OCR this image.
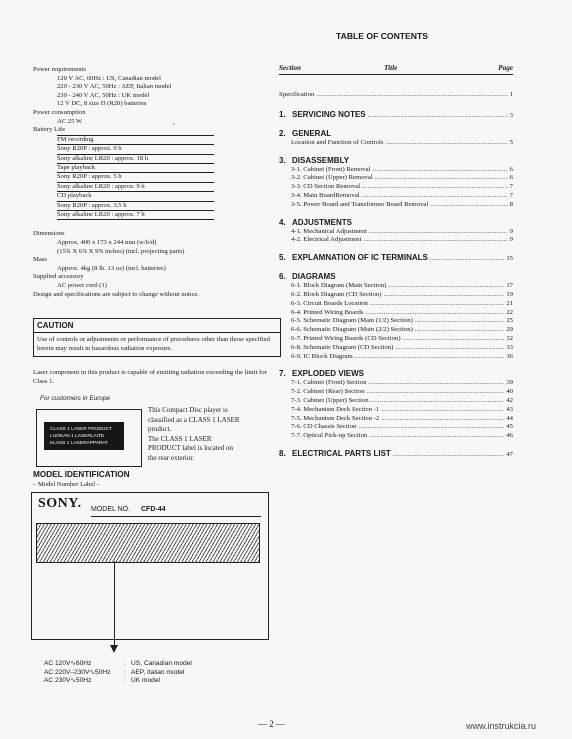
TABLE OF CONTENTS
Power requirements
120 V AC, 60Hz : US, Canadian model
220 - 230 V AC, 50Hz : AEP, Italian model
230 - 240 V AC, 50Hz : UK model
12 V DC, 8 size D (R20) batteries
Power consumption
AC 25 W
Battery Life
FM recording
Sony R20P : approx. 9 h
Sony alkaline LR20 : approx. 18 h
Tape playback
Sony R20P : approx. 5 h
Sony alkaline LR20 : approx. 9 h
CD playback
Sony R20P : approx. 3.5 h
Sony alkaline LR20 : approx. 7 h
Dimensions
Approx. 400 x 173 x 244 mm (w/h/d)
(15¾ X 6⅞ X 9⅝ inches) (incl. projecting parts)
Mass
Approx. 4kg (8 lb. 13 oz) (incl. batteries)
Supplied accessory
AC power cord (1)
Design and specifications are subject to change without notice.
,
CAUTION
Use of controls or adjustments or performance of procedures other than those specified herein may result in hazardous radiation exposure.
Laser component in this product is capable of emitting radiation exceeding the limit for Class 1.
For customers in Europe
CLASS 1 LASER PRODUCT
LUOKAN 1 LASERLAITE
KLASS 1 LASERAPPARAT
This Compact Disc player is
classified as a CLASS 1 LASER
product.
The CLASS 1 LASER
PRODUCT label is located on
the rear exterior.
MODEL IDENTIFICATION
– Model Number Label –
SONY. MODEL NO. CFD-44
AC 120V∿60Hz	: US, Canadian model
AC 220V–230V∿50Hz : AEP, Italian model
AC 230V∿50Hz	: UK model
Section	Title	Page
Specification .....	1
1. SERVICING NOTES .....	3
2. GENERAL
Location and Function of Controls .....	5
3. DISASSEMBLY
3-1. Cabinet (Front) Removal .....	6
3-2. Cabinet (Upper) Removal .....	6
3-3. CD Section Removal .....	7
3-4. Main BoardRemoval .....	7
3-5. Power Board and Transformer Board Removal .....	8
4. ADJUSTMENTS
4-1. Mechanical Adjustment .....	9
4-2. Electrical Adjustment .....	9
5. EXPLAMNATION OF IC TERMINALS .....	15
6. DIAGRAMS
6-1. Block Diagram (Main Section) .....	17
6-2. Block Diagram (CD Section) .....	19
6-3. Circuit Boards Location .....	21
6-4. Printed Wiring Boards .....	22
6-5. Schematic Diagram (Main (1/2) Section) .....	25
6-6. Schematic Diagram (Main (2/2) Section) .....	29
6-7. Printed Wiring Boards (CD Section) .....	32
6-8. Schematic Diagram (CD Section) .....	33
6-9. IC Block Diagram .....	36
7. EXPLODED VIEWS
7-1. Cabinet (Front) Section .....	39
7-2. Cabinet (Rear) Section .....	40
7-3. Cabinet (Upper) Section .....	42
7-4. Mechanism Deck Section -1 .....	43
7-5. Mechanism Deck Section -2 .....	44
7-6. CD Chassis Section .....	45
7-7. Optical Pick-up Section .....	46
8. ELECTRICAL PARTS LIST .....	47
— 2 —	www.instrukcia.ru
